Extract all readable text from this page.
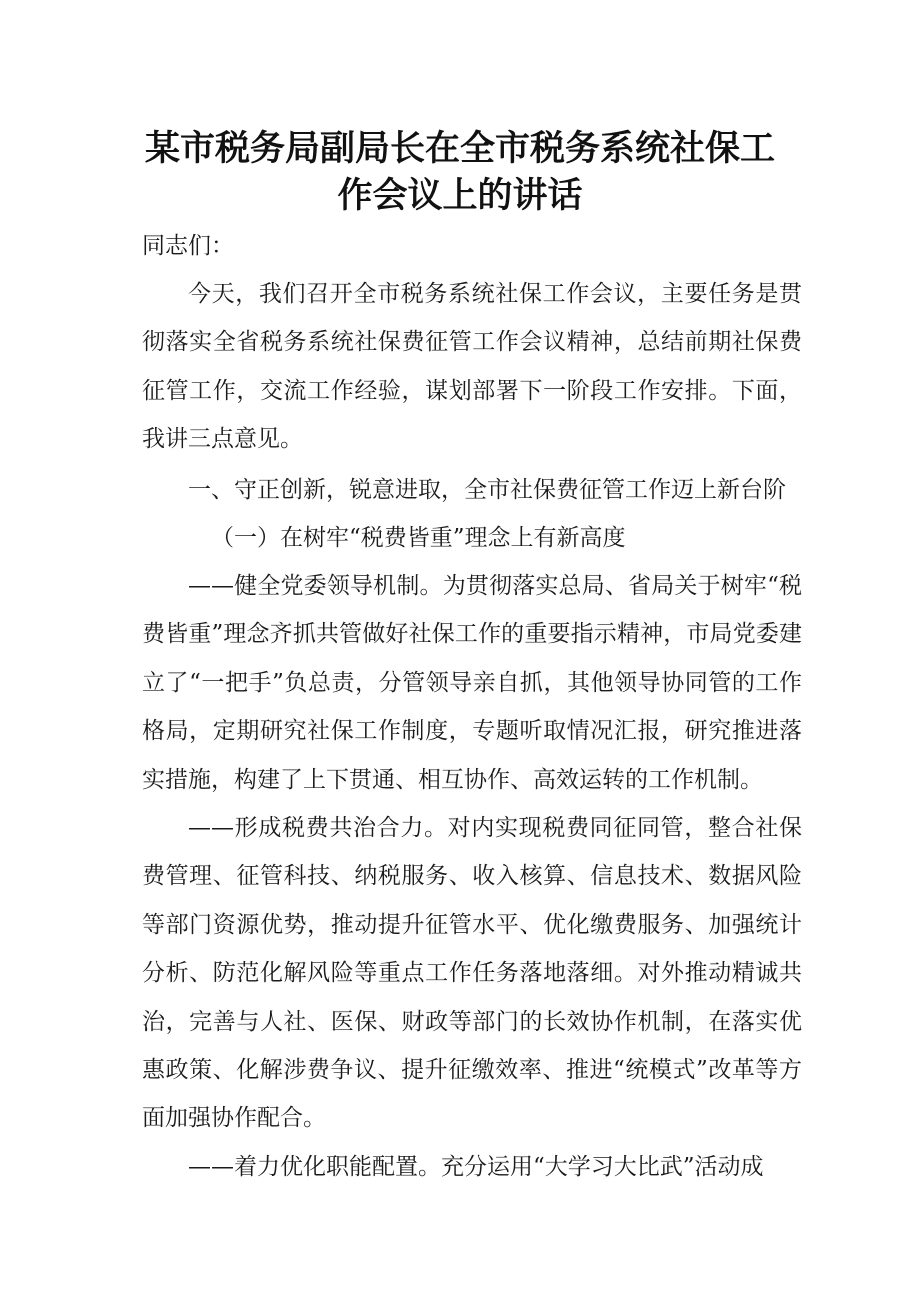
某市税务局副局长在全市税务系统社保工
作会议上的讲话

同志们：

今天，我们召开全市税务系统社保工作会议，主要任务是贯彻落实全省税务系统社保费征管工作会议精神，总结前期社保费征管工作，交流工作经验，谋划部署下一阶段工作安排。下面，我讲三点意见。

一、守正创新，锐意进取，全市社保费征管工作迈上新台阶

（一）在树牢“税费皆重”理念上有新高度

——健全党委领导机制。为贯彻落实总局、省局关于树牢“税费皆重”理念齐抓共管做好社保工作的重要指示精神，市局党委建立了“一把手”负总责，分管领导亲自抓，其他领导协同管的工作格局，定期研究社保工作制度，专题听取情况汇报，研究推进落实措施，构建了上下贯通、相互协作、高效运转的工作机制。

——形成税费共治合力。对内实现税费同征同管，整合社保费管理、征管科技、纳税服务、收入核算、信息技术、数据风险等部门资源优势，推动提升征管水平、优化缴费服务、加强统计分析、防范化解风险等重点工作任务落地落细。对外推动精诚共治，完善与人社、医保、财政等部门的长效协作机制，在落实优惠政策、化解涉费争议、提升征缴效率、推进“统模式”改革等方面加强协作配合。

——着力优化职能配置。充分运用“大学习大比武”活动成
